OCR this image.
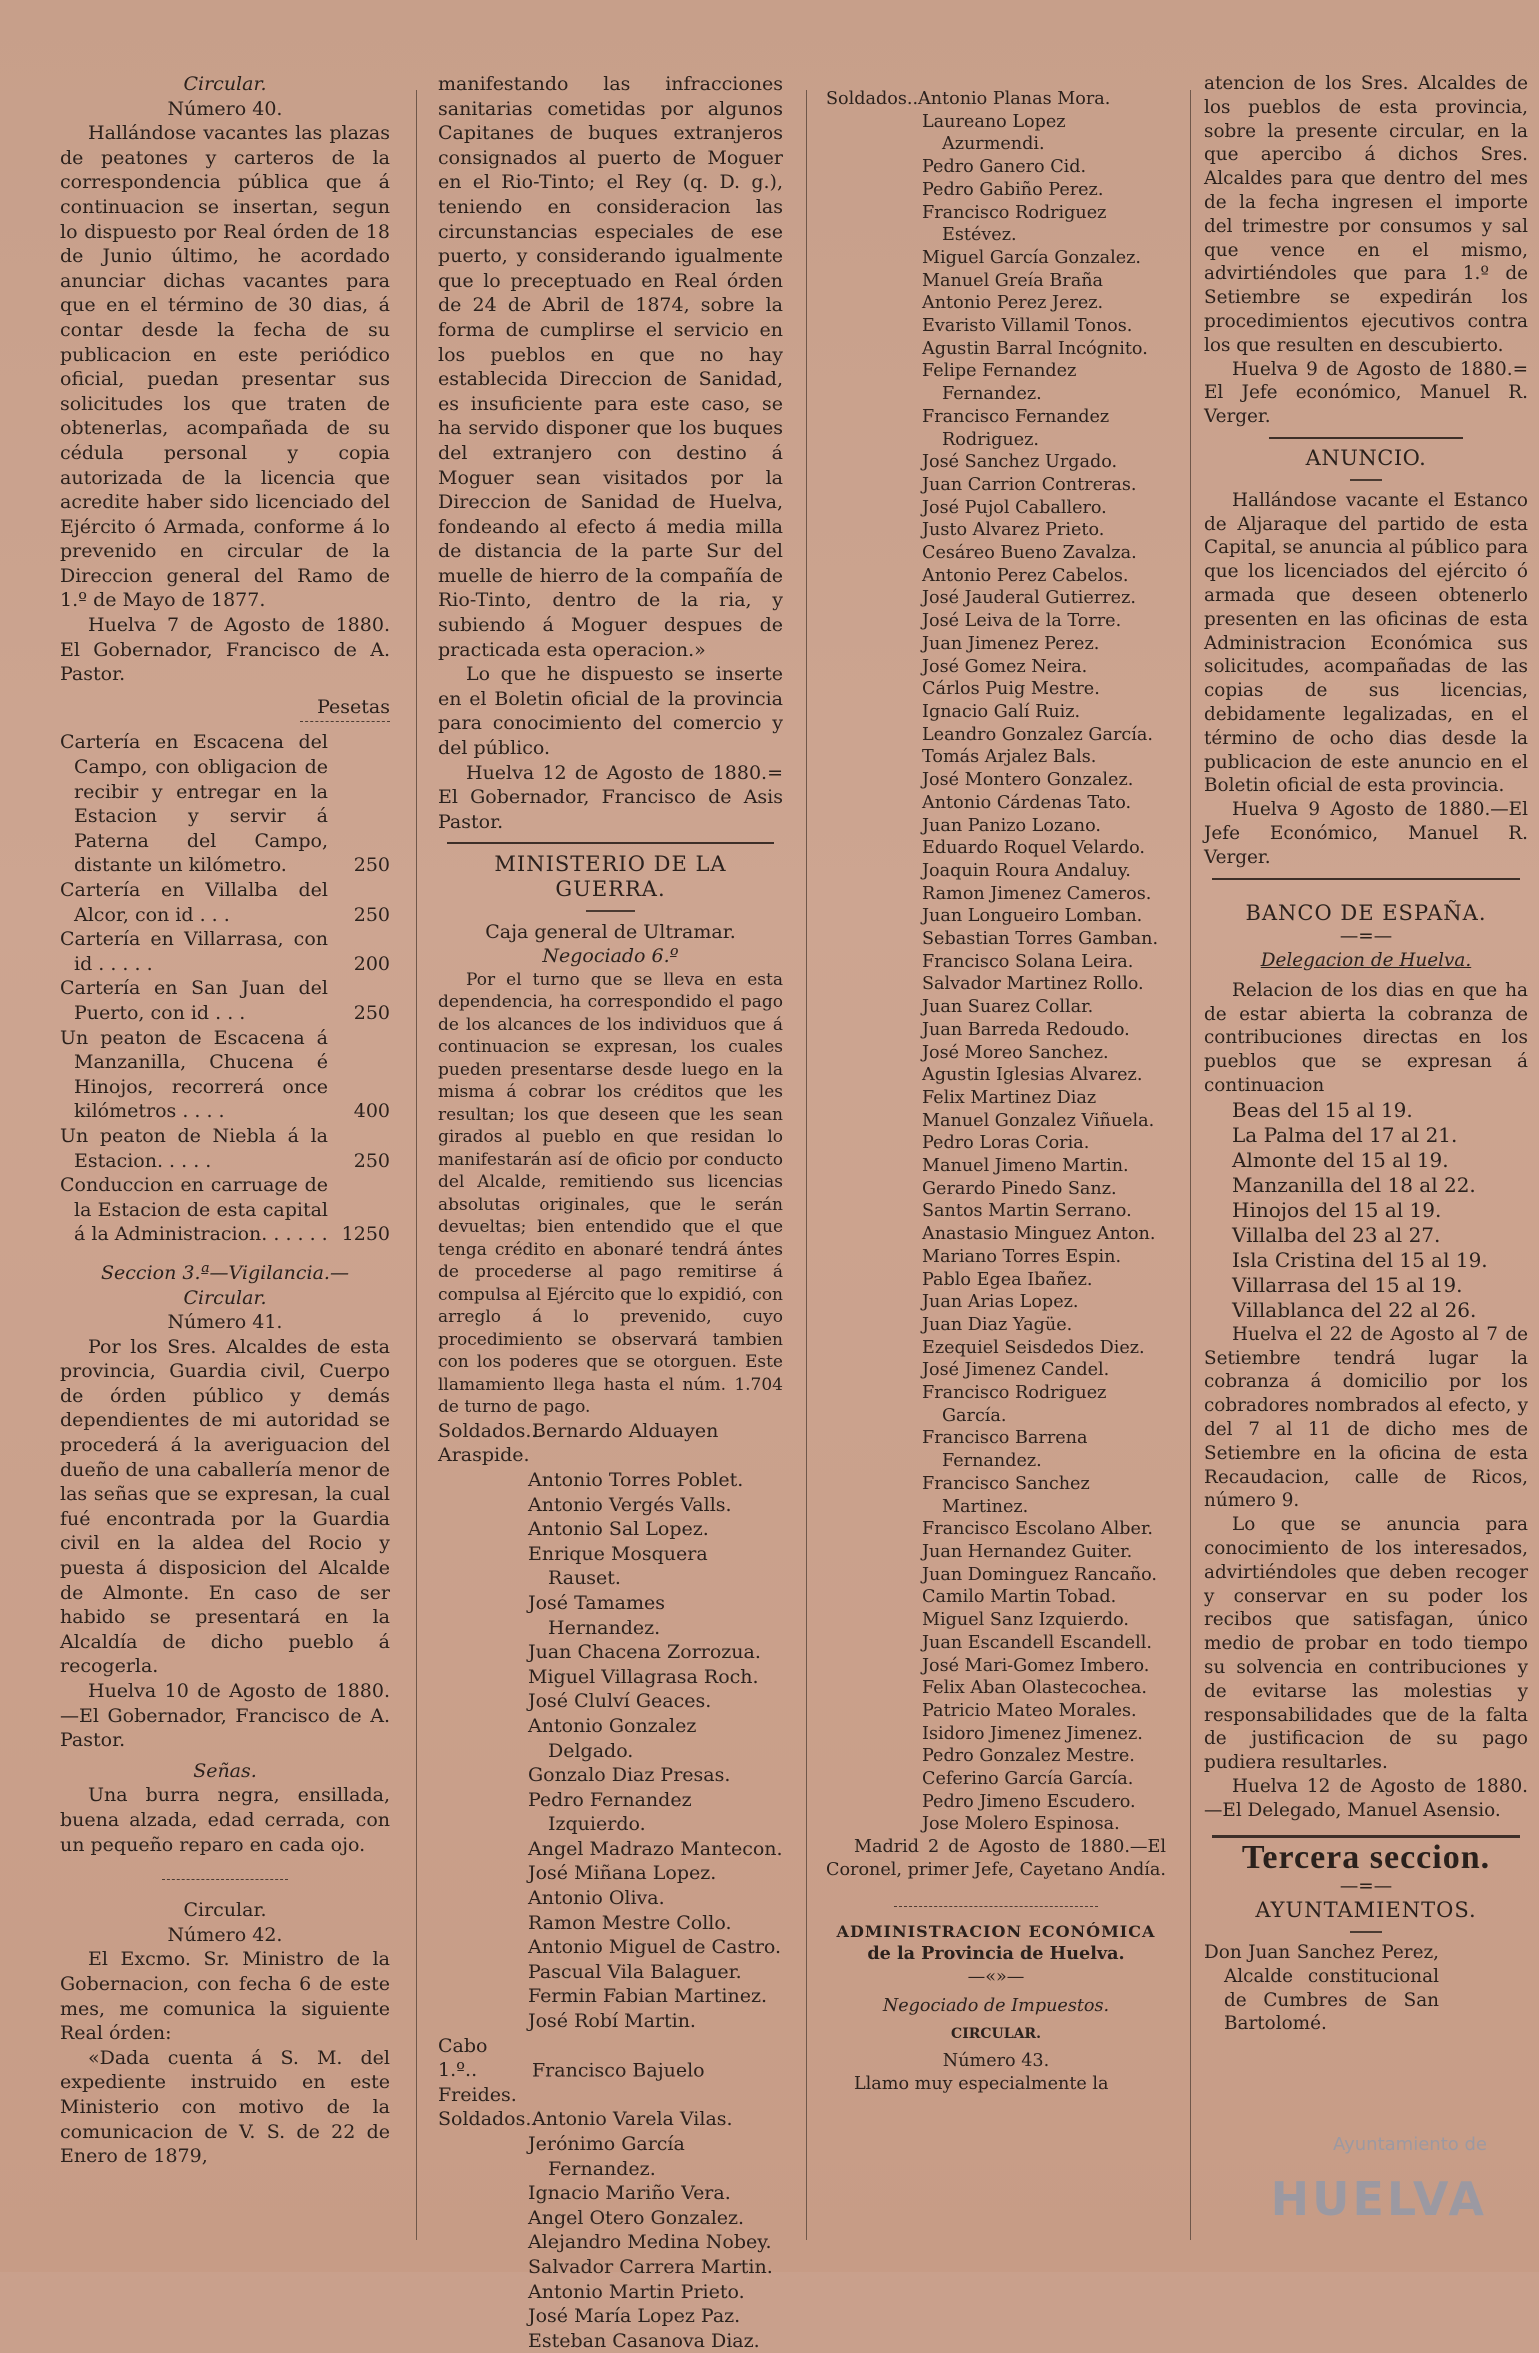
Circular.

Número 40.

Hallándose vacantes las plazas de peatones y carteros de la correspondencia pública que á continuacion se insertan, segun lo dispuesto por Real órden de 18 de Junio último, he acordado anunciar dichas vacantes para que en el término de 30 dias, á contar desde la fecha de su publicacion en este periódico oficial, puedan presentar sus solicitudes los que traten de obtenerlas, acompañada de su cédula personal y copia autorizada de la licencia que acredite haber sido licenciado del Ejército ó Armada, conforme á lo prevenido en circular de la Direccion general del Ramo de 1.º de Mayo de 1877.

Huelva 7 de Agosto de 1880. El Gobernador, Francisco de A. Pastor.

Pesetas

Cartería en Escacena del Campo, con obligacion de recibir y entregar en la Estacion y servir á Paterna del Campo, distante un kilómetro.	250
Cartería en Villalba del Alcor, con id . . .	250
Cartería en Villarrasa, con id . . . . .	200
Cartería en San Juan del Puerto, con id . . .	250
Un peaton de Escacena á Manzanilla, Chucena é Hinojos, recorrerá once kilómetros . . . .	400
Un peaton de Niebla á la Estacion. . . . .	250
Conduccion en carruage de la Estacion de esta capital á la Administracion. . . . . .	1250

Seccion 3.ª—Vigilancia.—Circular.

Número 41.

Por los Sres. Alcaldes de esta provincia, Guardia civil, Cuerpo de órden público y demás dependientes de mi autoridad se procederá á la averiguacion del dueño de una caballería menor de las señas que se expresan, la cual fué encontrada por la Guardia civil en la aldea del Rocio y puesta á disposicion del Alcalde de Almonte. En caso de ser habido se presentará en la Alcaldía de dicho pueblo á recogerla.

Huelva 10 de Agosto de 1880. —El Gobernador, Francisco de A. Pastor.

Señas.

Una burra negra, ensillada, buena alzada, edad cerrada, con un pequeño reparo en cada ojo.

Circular.

Número 42.

El Excmo. Sr. Ministro de la Gobernacion, con fecha 6 de este mes, me comunica la siguiente Real órden:

«Dada cuenta á S. M. del expediente instruido en este Ministerio con motivo de la comunicacion de V. S. de 22 de Enero de 1879,

manifestando las infracciones sanitarias cometidas por algunos Capitanes de buques extranjeros consignados al puerto de Moguer en el Rio-Tinto; el Rey (q. D. g.), teniendo en consideracion las circunstancias especiales de ese puerto, y considerando igualmente que lo preceptuado en Real órden de 24 de Abril de 1874, sobre la forma de cumplirse el servicio en los pueblos en que no hay establecida Direccion de Sanidad, es insuficiente para este caso, se ha servido disponer que los buques del extranjero con destino á Moguer sean visitados por la Direccion de Sanidad de Huelva, fondeando al efecto á media milla de distancia de la parte Sur del muelle de hierro de la compañía de Rio-Tinto, dentro de la ria, y subiendo á Moguer despues de practicada esta operacion.»

Lo que he dispuesto se inserte en el Boletin oficial de la provincia para conocimiento del comercio y del público.

Huelva 12 de Agosto de 1880.= El Gobernador, Francisco de Asis Pastor.

MINISTERIO DE LA GUERRA.

Caja general de Ultramar.

Negociado 6.º

Por el turno que se lleva en esta dependencia, ha correspondido el pago de los alcances de los individuos que á continuacion se expresan, los cuales pueden presentarse desde luego en la misma á cobrar los créditos que les resultan; los que deseen que les sean girados al pueblo en que residan lo manifestarán así de oficio por conducto del Alcalde, remitiendo sus licencias absolutas originales, que le serán devueltas; bien entendido que el que tenga crédito en abonaré tendrá ántes de procederse al pago remitirse á compulsa al Ejército que lo expidió, con arreglo á lo prevenido, cuyo procedimiento se observará tambien con los poderes que se otorguen. Este llamamiento llega hasta el núm. 1.704 de turno de pago.

Soldados...Bernardo Alduayen Araspide.

Antonio Torres Poblet.
Antonio Vergés Valls.
Antonio Sal Lopez.
Enrique Mosquera Rauset.
José Tamames Hernandez.
Juan Chacena Zorrozua.
Miguel Villagrasa Roch.
José Clulví Geaces.
Antonio Gonzalez Delgado.
Gonzalo Diaz Presas.
Pedro Fernandez Izquierdo.
Angel Madrazo Mantecon.
José Miñana Lopez.
Antonio Oliva.
Ramon Mestre Collo.
Antonio Miguel de Castro.
Pascual Vila Balaguer.
Fermin Fabian Martinez.
José Robí Martin.

Cabo 1.º..	Francisco Bajuelo Freides.

Soldados..Antonio Varela Vilas.

Jerónimo García Fernandez.
Ignacio Mariño Vera.
Angel Otero Gonzalez.
Alejandro Medina Nobey.
Salvador Carrera Martin.
Antonio Martin Prieto.
José María Lopez Paz.
Esteban Casanova Diaz.

Soldados..Antonio Planas Mora.

Laureano Lopez Azurmendi.
Pedro Ganero Cid.
Pedro Gabiño Perez.
Francisco Rodriguez Estévez.
Miguel García Gonzalez.
Manuel Greía Braña
Antonio Perez Jerez.
Evaristo Villamil Tonos.
Agustin Barral Incógnito.
Felipe Fernandez Fernandez.
Francisco Fernandez Rodriguez.
José Sanchez Urgado.
Juan Carrion Contreras.
José Pujol Caballero.
Justo Alvarez Prieto.
Cesáreo Bueno Zavalza.
Antonio Perez Cabelos.
José Jauderal Gutierrez.
José Leiva de la Torre.
Juan Jimenez Perez.
José Gomez Neira.
Cárlos Puig Mestre.
Ignacio Galí Ruiz.
Leandro Gonzalez García.
Tomás Arjalez Bals.
José Montero Gonzalez.
Antonio Cárdenas Tato.
Juan Panizo Lozano.
Eduardo Roquel Velardo.
Joaquin Roura Andaluy.
Ramon Jimenez Cameros.
Juan Longueiro Lomban.
Sebastian Torres Gamban.
Francisco Solana Leira.
Salvador Martinez Rollo.
Juan Suarez Collar.
Juan Barreda Redoudo.
José Moreo Sanchez.
Agustin Iglesias Alvarez.
Felix Martinez Diaz
Manuel Gonzalez Viñuela.
Pedro Loras Coria.
Manuel Jimeno Martin.
Gerardo Pinedo Sanz.
Santos Martin Serrano.
Anastasio Minguez Anton.
Mariano Torres Espin.
Pablo Egea Ibañez.
Juan Arias Lopez.
Juan Diaz Yagüe.
Ezequiel Seisdedos Diez.
José Jimenez Candel.
Francisco Rodriguez García.
Francisco Barrena Fernandez.
Francisco Sanchez Martinez.
Francisco Escolano Alber.
Juan Hernandez Guiter.
Juan Dominguez Rancaño.
Camilo Martin Tobad.
Miguel Sanz Izquierdo.
Juan Escandell Escandell.
José Mari-Gomez Imbero.
Felix Aban Olastecochea.
Patricio Mateo Morales.
Isidoro Jimenez Jimenez.
Pedro Gonzalez Mestre.
Ceferino García García.
Pedro Jimeno Escudero.
Jose Molero Espinosa.

Madrid 2 de Agosto de 1880.—El Coronel, primer Jefe, Cayetano Andía.

ADMINISTRACION ECONÓMICA

de la Provincia de Huelva.

—«»—

Negociado de Impuestos.

CIRCULAR.

Número 43.

Llamo muy especialmente la

atencion de los Sres. Alcaldes de los pueblos de esta provincia, sobre la presente circular, en la que apercibo á dichos Sres. Alcaldes para que dentro del mes de la fecha ingresen el importe del trimestre por consumos y sal que vence en el mismo, advirtiéndoles que para 1.º de Setiembre se expedirán los procedimientos ejecutivos contra los que resulten en descubierto.

Huelva 9 de Agosto de 1880.= El Jefe económico, Manuel R. Verger.

ANUNCIO.

Hallándose vacante el Estanco de Aljaraque del partido de esta Capital, se anuncia al público para que los licenciados del ejército ó armada que deseen obtenerlo presenten en las oficinas de esta Administracion Económica sus solicitudes, acompañadas de las copias de sus licencias, debidamente legalizadas, en el término de ocho dias desde la publicacion de este anuncio en el Boletin oficial de esta provincia.

Huelva 9 Agosto de 1880.—El Jefe Económico, Manuel R. Verger.

BANCO DE ESPAÑA.

—=—

Delegacion de Huelva.

Relacion de los dias en que ha de estar abierta la cobranza de contribuciones directas en los pueblos que se expresan á continuacion

Beas del 15 al 19.
La Palma del 17 al 21.
Almonte del 15 al 19.
Manzanilla del 18 al 22.
Hinojos del 15 al 19.
Villalba del 23 al 27.
Isla Cristina del 15 al 19.
Villarrasa del 15 al 19.
Villablanca del 22 al 26.

Huelva el 22 de Agosto al 7 de Setiembre tendrá lugar la cobranza á domicilio por los cobradores nombrados al efecto, y del 7 al 11 de dicho mes de Setiembre en la oficina de esta Recaudacion, calle de Ricos, número 9.

Lo que se anuncia para conocimiento de los interesados, advirtiéndoles que deben recoger y conservar en su poder los recibos que satisfagan, único medio de probar en todo tiempo su solvencia en contribuciones y de evitarse las molestias y responsabilidades que de la falta de justificacion de su pago pudiera resultarles.

Huelva 12 de Agosto de 1880. —El Delegado, Manuel Asensio.

Tercera seccion.

—=—

AYUNTAMIENTOS.

Don Juan Sanchez Perez, Alcalde constitucional de Cumbres de San Bartolomé.

Ayuntamiento de
HUELVA
